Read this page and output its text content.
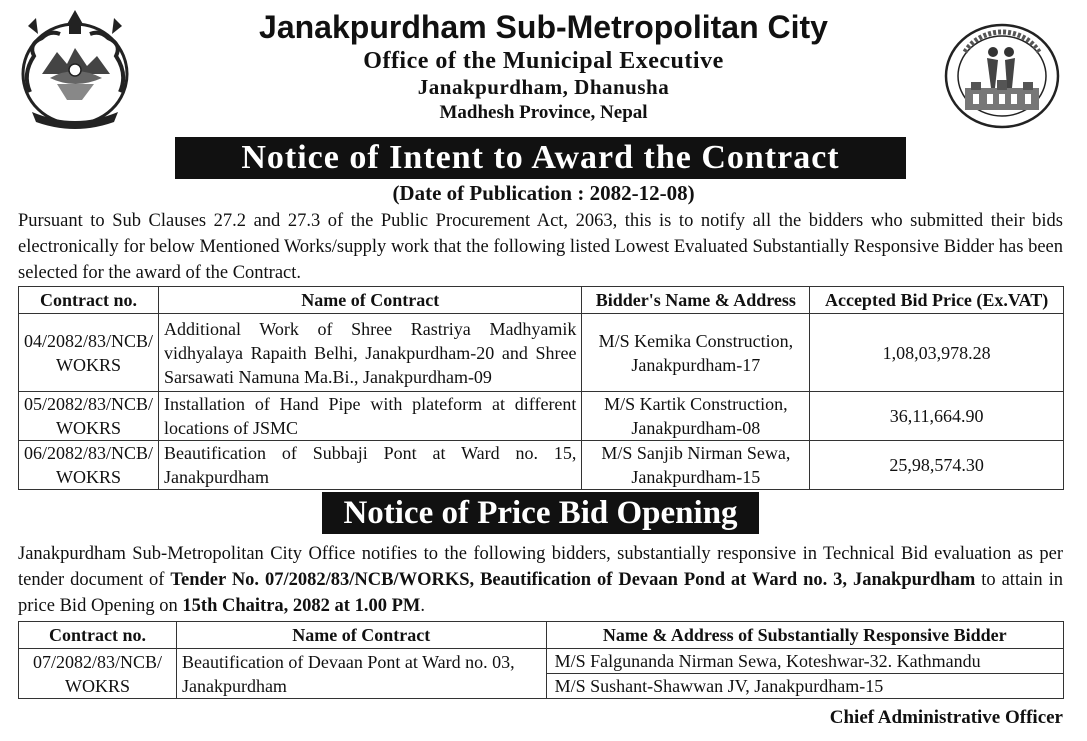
Janakpurdham Sub-Metropolitan City
Office of the Municipal Executive
Janakpurdham, Dhanusha
Madhesh Province, Nepal
Notice of Intent to Award the Contract
(Date of Publication : 2082-12-08)
Pursuant to Sub Clauses 27.2 and 27.3 of the Public Procurement Act, 2063, this is to notify all the bidders who submitted their bids electronically for below Mentioned Works/supply work that the following listed Lowest Evaluated Substantially Responsive Bidder has been selected for the award of the Contract.
Contract no.	Name of Contract	Bidder's Name & Address	Accepted Bid Price (Ex.VAT)
04/2082/83/NCB/
WOKRS	Additional Work of Shree Rastriya Madhyamik vidhyalaya Rapaith Belhi, Janakpurdham-20 and Shree Sarsawati Namuna Ma.Bi., Janakpurdham-09	M/S Kemika Construction,
Janakpurdham-17	1,08,03,978.28
05/2082/83/NCB/
WOKRS	Installation of Hand Pipe with plateform at different locations of JSMC	M/S Kartik Construction,
Janakpurdham-08	36,11,664.90
06/2082/83/NCB/
WOKRS	Beautification of Subbaji Pont at Ward no. 15, Janakpurdham	M/S Sanjib Nirman Sewa,
Janakpurdham-15	25,98,574.30
Notice of Price Bid Opening
Janakpurdham Sub-Metropolitan City Office notifies to the following bidders, substantially responsive in Technical Bid evaluation as per tender document of Tender No. 07/2082/83/NCB/WORKS, Beautification of Devaan Pond at Ward no. 3, Janakpurdham to attain in price Bid Opening on 15th Chaitra, 2082 at 1.00 PM.
Contract no.	Name of Contract	Name & Address of Substantially Responsive Bidder
07/2082/83/NCB/
WOKRS	Beautification of Devaan Pont at Ward no. 03, Janakpurdham	M/S Falgunanda Nirman Sewa, Koteshwar-32. Kathmandu
		M/S Sushant-Shawwan JV, Janakpurdham-15
Chief Administrative Officer
